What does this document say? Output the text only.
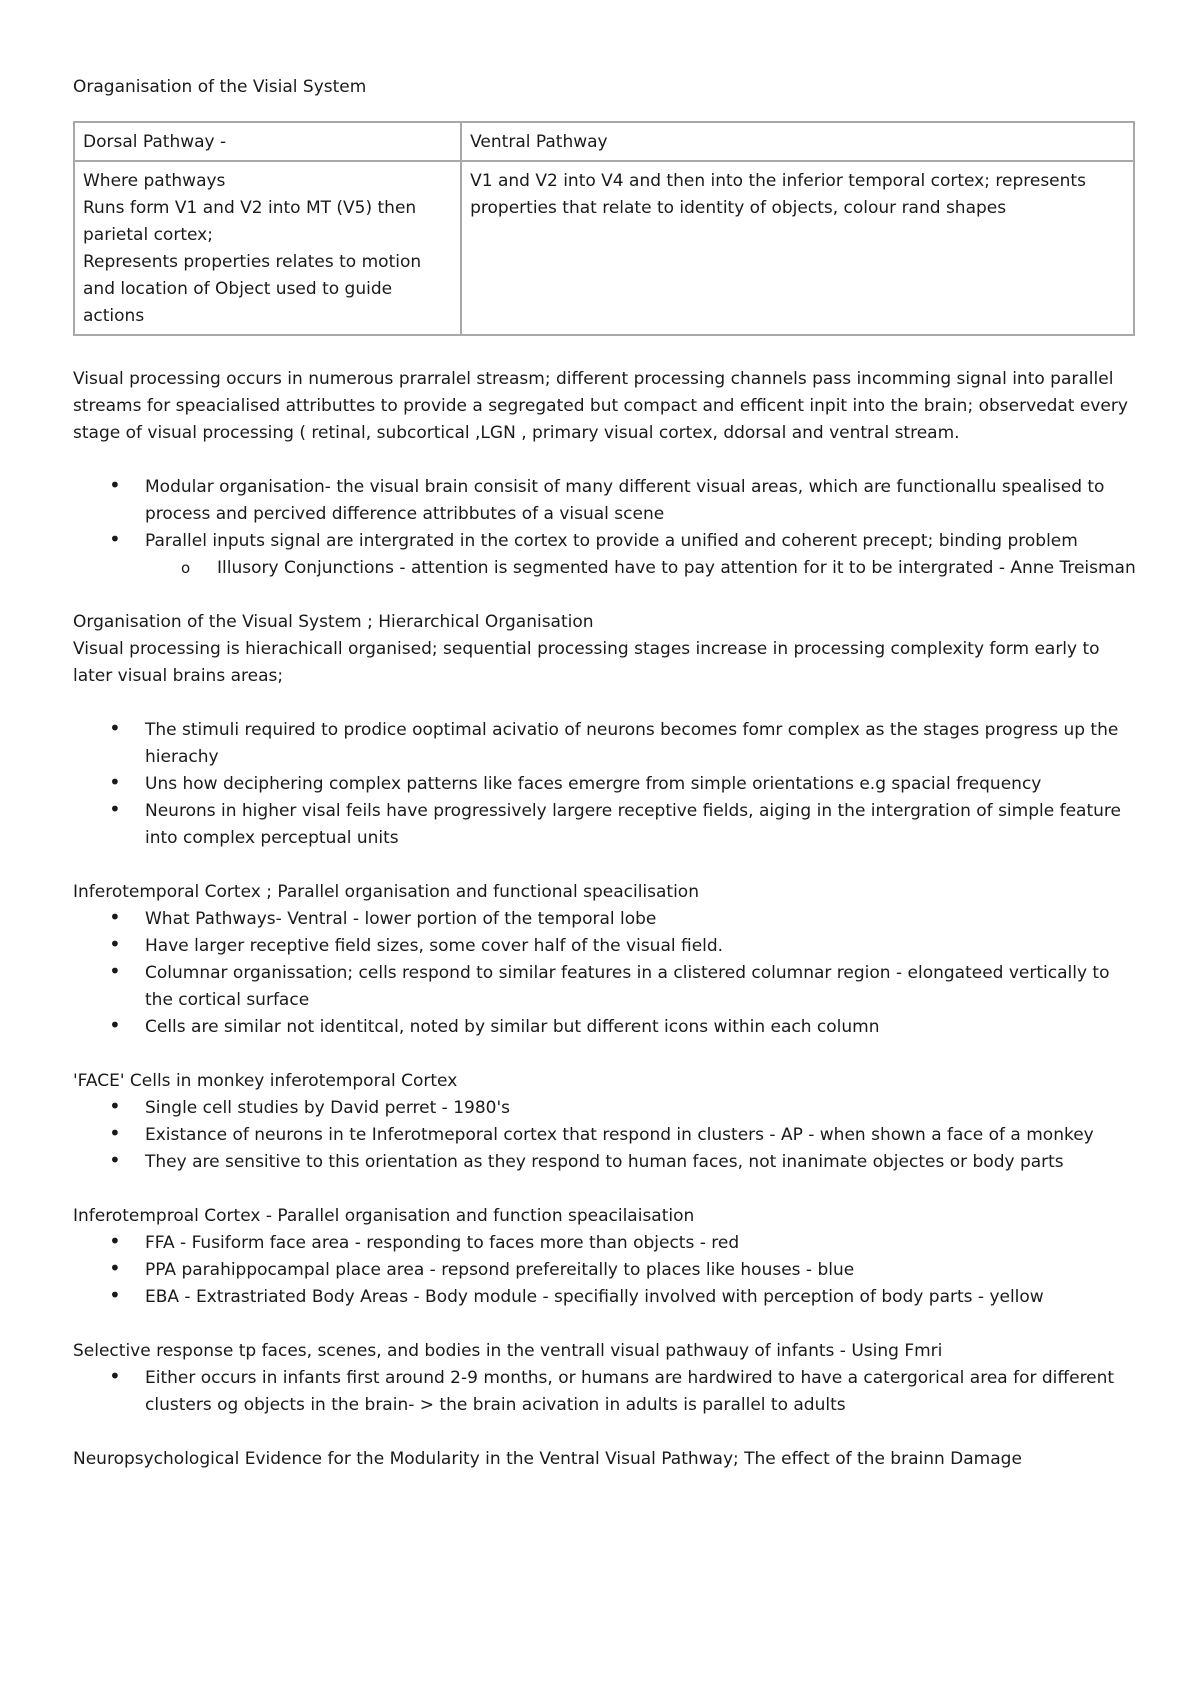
Oraganisation of the Visial System

Dorsal Pathway -	Ventral Pathway

Where pathways
Runs form V1 and V2 into MT (V5) then parietal cortex;
Represents properties relates to motion and location of Object used to guide actions	V1 and V2 into V4 and then into the inferior temporal cortex; represents properties that relate to identity of objects, colour rand shapes

Visual processing occurs in numerous prarralel streasm; different processing channels pass incomming signal into parallel streams for speacialised attributtes to provide a segregated but compact and efficent inpit into the brain; observedat every stage of visual processing ( retinal, subcortical ,LGN , primary visual cortex, ddorsal and ventral stream.

• Modular organisation- the visual brain consisit of many different visual areas, which are functionallu spealised to process and percived difference attribbutes of a visual scene
• Parallel inputs signal are intergrated in the cortex to provide a unified and coherent precept; binding problem
o Illusory Conjunctions - attention is segmented have to pay attention for it to be intergrated - Anne Treisman

Organisation of the Visual System ; Hierarchical Organisation

Visual processing is hierachicall organised; sequential processing stages increase in processing complexity form early to later visual brains areas;

• The stimuli required to prodice ooptimal acivatio of neurons becomes fomr complex as the stages progress up the hierachy
• Uns how deciphering complex patterns like faces emergre from simple orientations e.g spacial frequency
• Neurons in higher visal feils have progressively largere receptive fields, aiging in the intergration of simple feature into complex perceptual units

Inferotemporal Cortex ; Parallel organisation and functional speacilisation

• What Pathways- Ventral - lower portion of the temporal lobe
• Have larger receptive field sizes, some cover half of the visual field.
• Columnar organissation; cells respond to similar features in a clistered columnar region - elongateed vertically to the cortical surface
• Cells are similar not identitcal, noted by similar but different icons within each column

'FACE' Cells in monkey inferotemporal Cortex

• Single cell studies by David perret - 1980's
• Existance of neurons in te Inferotmeporal cortex that respond in clusters - AP - when shown a face of a monkey
• They are sensitive to this orientation as they respond to human faces, not inanimate objectes or body parts

Inferotemproal Cortex - Parallel organisation and function speacilaisation

• FFA - Fusiform face area - responding to faces more than objects - red
• PPA parahippocampal place area - repsond prefereitally to places like houses - blue
• EBA - Extrastriated Body Areas - Body module - specifially involved with perception of body parts - yellow

Selective response tp faces, scenes, and bodies in the ventrall visual pathwauy of infants - Using Fmri

• Either occurs in infants first around 2-9 months, or humans are hardwired to have a catergorical area for different clusters og objects in the brain- > the brain acivation in adults is parallel to adults

Neuropsychological Evidence for the Modularity in the Ventral Visual Pathway; The effect of the brainn Damage
